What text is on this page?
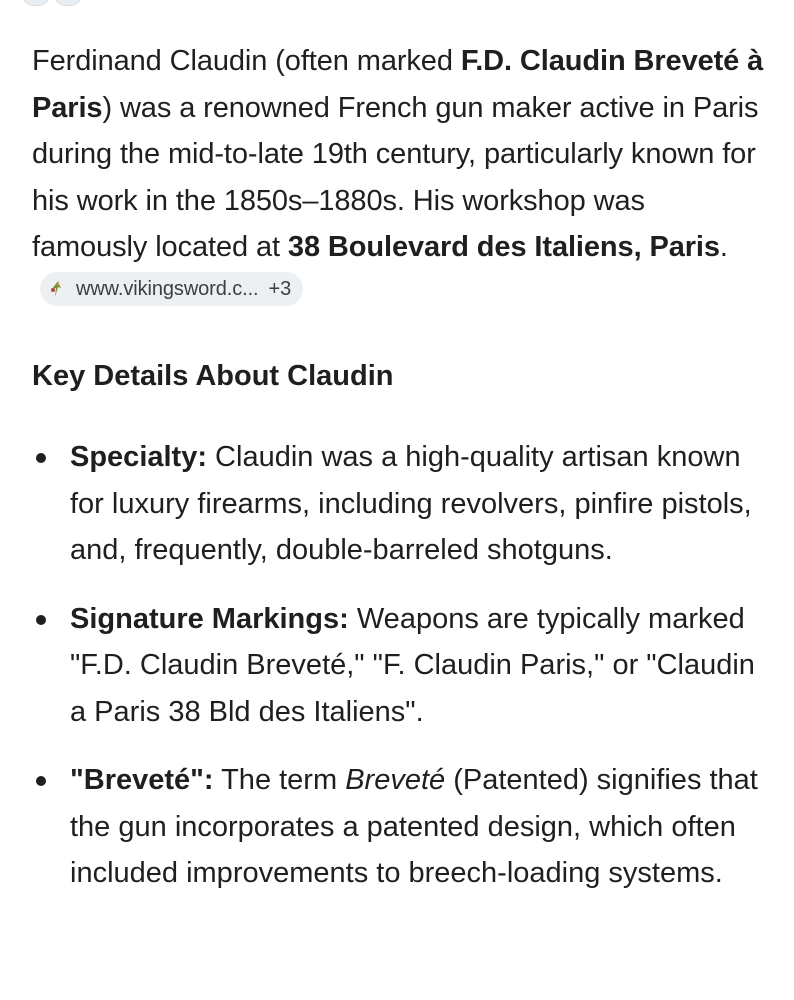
Ferdinand Claudin (often marked F.D. Claudin Breveté à Paris) was a renowned French gun maker active in Paris during the mid-to-late 19th century, particularly known for his work in the 1850s–1880s. His workshop was famously located at 38 Boulevard des Italiens, Paris.
www.vikingsword.c... +3

Key Details About Claudin
Specialty: Claudin was a high-quality artisan known for luxury firearms, including revolvers, pinfire pistols, and, frequently, double-barreled shotguns.
Signature Markings: Weapons are typically marked "F.D. Claudin Breveté," "F. Claudin Paris," or "Claudin a Paris 38 Bld des Italiens".
"Breveté": The term Breveté (Patented) signifies that the gun incorporates a patented design, which often included improvements to breech-loading systems.
